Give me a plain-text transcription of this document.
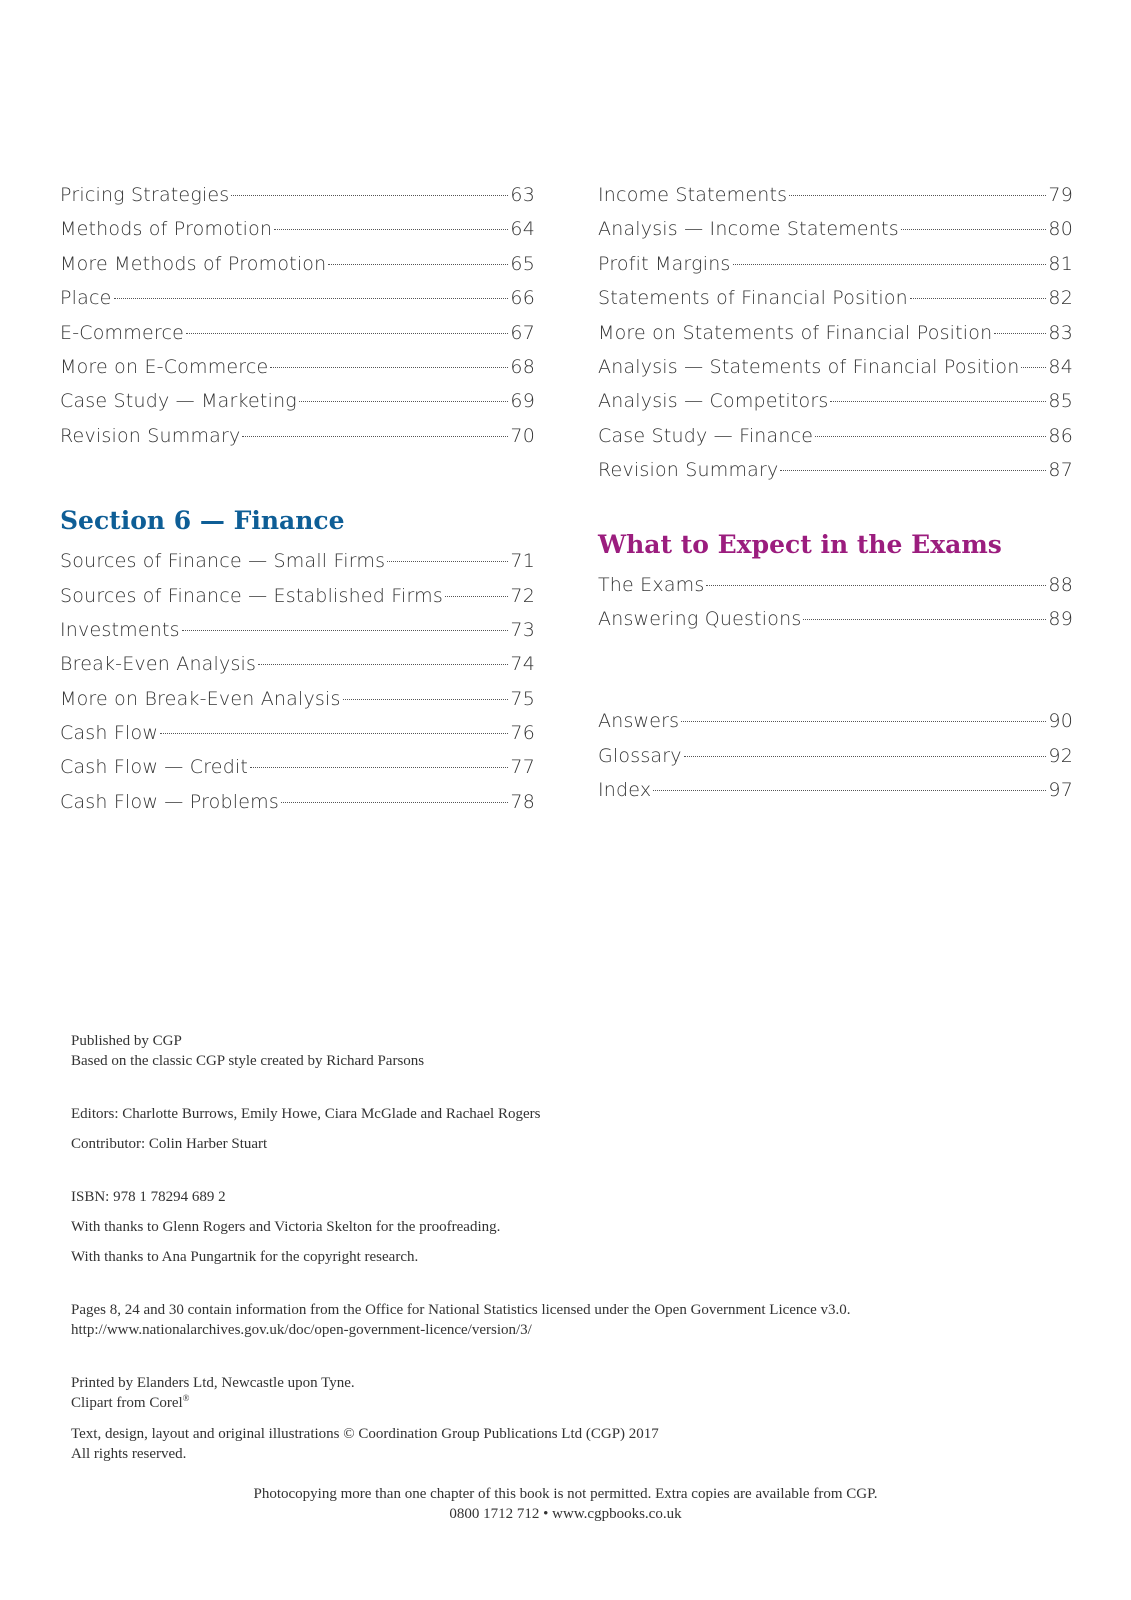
Pricing Strategies	63
Methods of Promotion	64
More Methods of Promotion	65
Place	66
E-Commerce	67
More on E-Commerce	68
Case Study — Marketing	69
Revision Summary	70
Section 6 — Finance
Sources of Finance — Small Firms	71
Sources of Finance — Established Firms	72
Investments	73
Break-Even Analysis	74
More on Break-Even Analysis	75
Cash Flow	76
Cash Flow — Credit	77
Cash Flow — Problems	78
Income Statements	79
Analysis — Income Statements	80
Profit Margins	81
Statements of Financial Position	82
More on Statements of Financial Position	83
Analysis — Statements of Financial Position 84
Analysis — Competitors	85
Case Study — Finance	86
Revision Summary	87
What to Expect in the Exams
The Exams	88
Answering Questions	89
Answers	90
Glossary	92
Index	97

Published by CGP

Based on the classic CGP style created by Richard Parsons

Editors: Charlotte Burrows, Emily Howe, Ciara McGlade and Rachael Rogers

Contributor: Colin Harber Stuart

ISBN: 978 1 78294 689 2

With thanks to Glenn Rogers and Victoria Skelton for the proofreading.

With thanks to Ana Pungartnik for the copyright research.

Pages 8, 24 and 30 contain information from the Office for National Statistics licensed under the Open Government Licence v3.0.

http://www.nationalarchives.gov.uk/doc/open-government-licence/version/3/

Printed by Elanders Ltd, Newcastle upon Tyne.

Clipart from Corel®

Text, design, layout and original illustrations © Coordination Group Publications Ltd (CGP) 2017

All rights reserved.

Photocopying more than one chapter of this book is not permitted. Extra copies are available from CGP.

0800 1712 712 • www.cgpbooks.co.uk
